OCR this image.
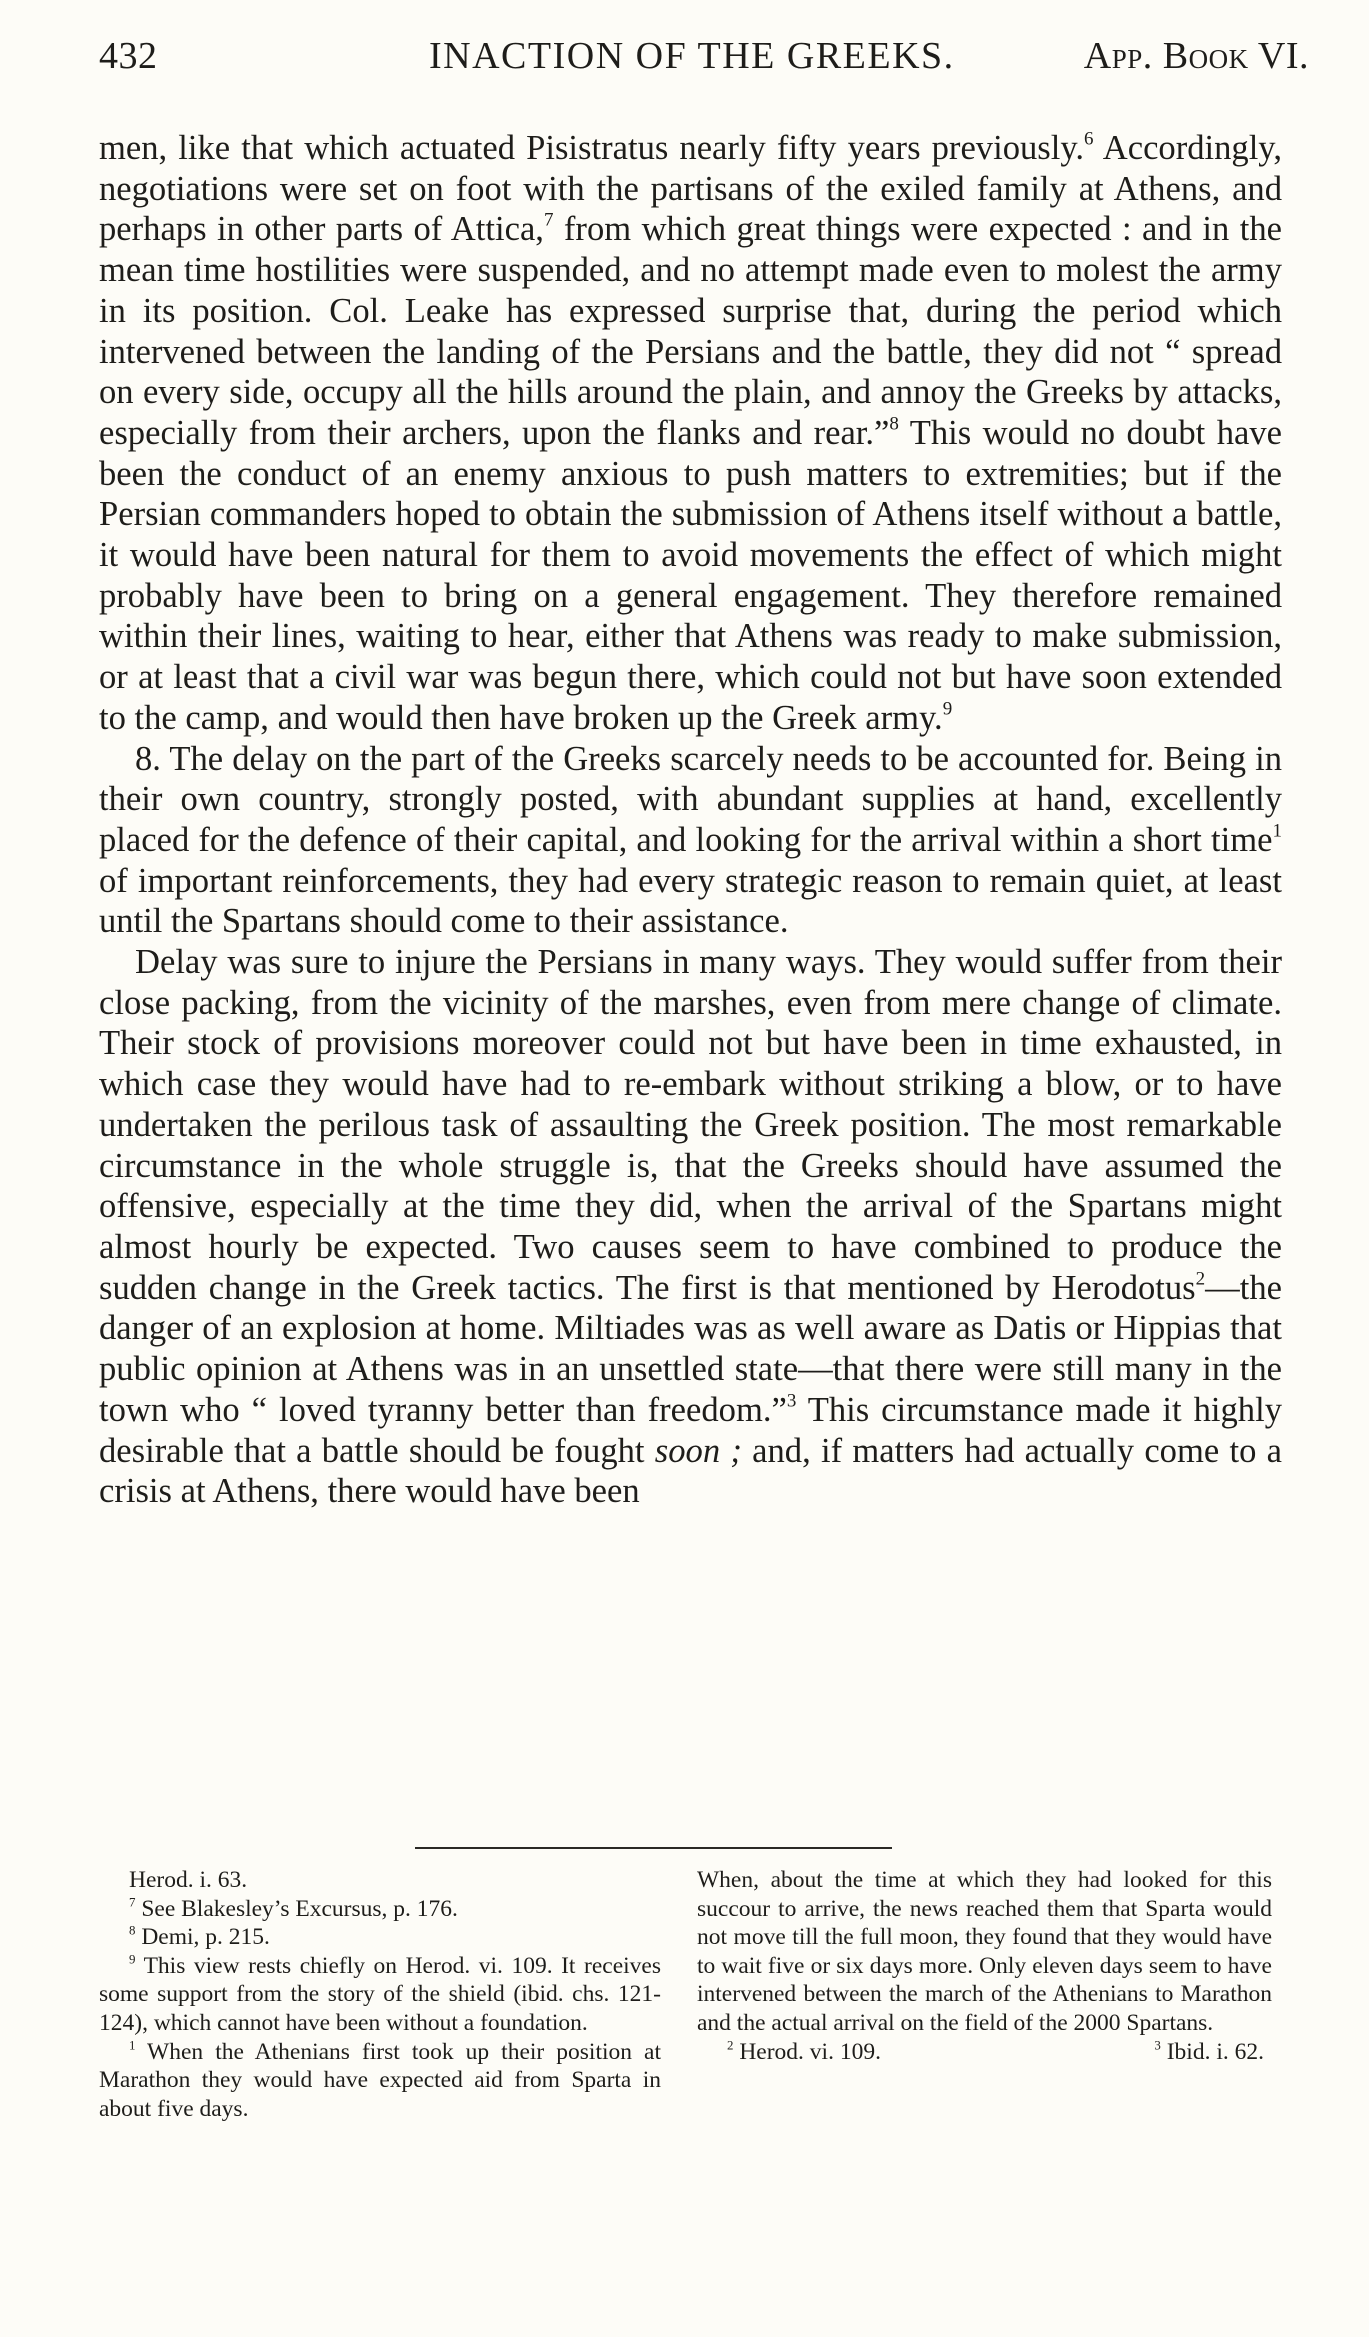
432	INACTION OF THE GREEKS.	App. Book VI.

men, like that which actuated Pisistratus nearly fifty years previously.$^6$ Accordingly, negotiations were set on foot with the partisans of the exiled family at Athens, and perhaps in other parts of Attica,$^7$ from which great things were expected : and in the mean time hostilities were suspended, and no attempt made even to molest the army in its position. Col. Leake has expressed surprise that, during the period which intervened between the landing of the Persians and the battle, they did not “ spread on every side, occupy all the hills around the plain, and annoy the Greeks by attacks, especially from their archers, upon the flanks and rear.”$^8$ This would no doubt have been the conduct of an enemy anxious to push matters to extremities; but if the Persian commanders hoped to obtain the submission of Athens itself without a battle, it would have been natural for them to avoid movements the effect of which might probably have been to bring on a general engagement. They therefore remained within their lines, waiting to hear, either that Athens was ready to make submission, or at least that a civil war was begun there, which could not but have soon extended to the camp, and would then have broken up the Greek army.$^9$

8. The delay on the part of the Greeks scarcely needs to be accounted for. Being in their own country, strongly posted, with abundant supplies at hand, excellently placed for the defence of their capital, and looking for the arrival within a short time$^1$ of important reinforcements, they had every strategic reason to remain quiet, at least until the Spartans should come to their assistance.

Delay was sure to injure the Persians in many ways. They would suffer from their close packing, from the vicinity of the marshes, even from mere change of climate. Their stock of provisions moreover could not but have been in time exhausted, in which case they would have had to re-embark without striking a blow, or to have undertaken the perilous task of assaulting the Greek position. The most remarkable circumstance in the whole struggle is, that the Greeks should have assumed the offensive, especially at the time they did, when the arrival of the Spartans might almost hourly be expected. Two causes seem to have combined to produce the sudden change in the Greek tactics. The first is that mentioned by Herodotus$^2$—the danger of an explosion at home. Miltiades was as well aware as Datis or Hippias that public opinion at Athens was in an unsettled state—that there were still many in the town who “ loved tyranny better than freedom.”$^3$ This circumstance made it highly desirable that a battle should be fought soon ; and, if matters had actually come to a crisis at Athens, there would have been

Herod. i. 63.

$^7$ See Blakesley’s Excursus, p. 176.

$^8$ Demi, p. 215.

$^9$ This view rests chiefly on Herod. vi. 109. It receives some support from the story of the shield (ibid. chs. 121-124), which cannot have been without a foundation.

$^1$ When the Athenians first took up their position at Marathon they would have expected aid from Sparta in about five days.

When, about the time at which they had looked for this succour to arrive, the news reached them that Sparta would not move till the full moon, they found that they would have to wait five or six days more. Only eleven days seem to have intervened between the march of the Athenians to Marathon and the actual arrival on the field of the 2000 Spartans.

$^2$ Herod. vi. 109.	$^3$ Ibid. i. 62.
